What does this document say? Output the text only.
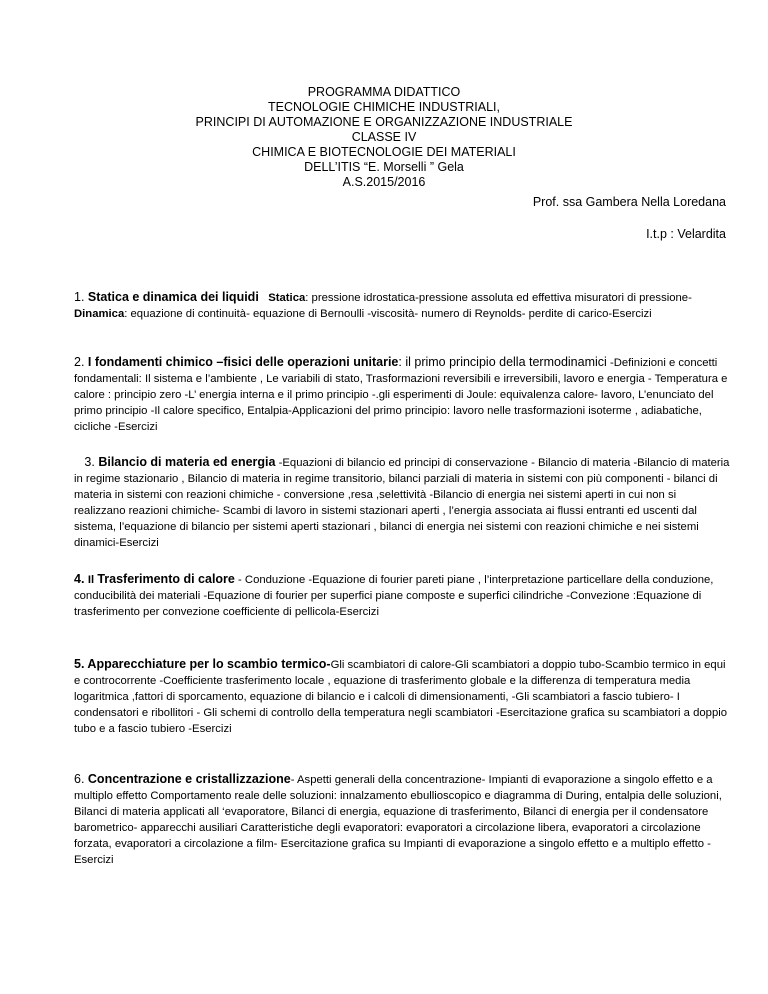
PROGRAMMA DIDATTICO
TECNOLOGIE CHIMICHE INDUSTRIALI,
PRINCIPI DI AUTOMAZIONE E ORGANIZZAZIONE INDUSTRIALE
CLASSE IV
CHIMICA E BIOTECNOLOGIE DEI MATERIALI
DELL’ITIS “E. Morselli ” Gela
A.S.2015/2016
Prof. ssa Gambera Nella Loredana
I.t.p : Velardita
1. Statica e dinamica dei liquidi Statica: pressione idrostatica-pressione assoluta ed effettiva misuratori di pressione-
Dinamica: equazione di continuità- equazione di Bernoulli -viscosità- numero di Reynolds- perdite di carico-Esercizi
2. I fondamenti chimico –fisici delle operazioni unitarie: il primo principio della termodinamici -Definizioni e concetti fondamentali: Il sistema e l’ambiente , Le variabili di stato, Trasformazioni reversibili e irreversibili, lavoro e energia - Temperatura e calore : principio zero -L’ energia interna e il primo principio -.gli esperimenti di Joule: equivalenza calore- lavoro, L’enunciato del primo principio -Il calore specifico, Entalpia-Applicazioni del primo principio: lavoro nelle trasformazioni isoterme , adiabatiche, cicliche -Esercizi
3. Bilancio di materia ed energia -Equazioni di bilancio ed principi di conservazione - Bilancio di materia -Bilancio di materia in regime stazionario , Bilancio di materia in regime transitorio, bilanci parziali di materia in sistemi con più componenti - bilanci di materia in sistemi con reazioni chimiche - conversione ,resa ,selettività -Bilancio di energia nei sistemi aperti in cui non si realizzano reazioni chimiche- Scambi di lavoro in sistemi stazionari aperti , l’energia associata ai flussi entranti ed uscenti dal sistema, l’equazione di bilancio per sistemi aperti stazionari , bilanci di energia nei sistemi con reazioni chimiche e nei sistemi dinamici-Esercizi
4. Il Trasferimento di calore - Conduzione -Equazione di fourier pareti piane , l’interpretazione particellare della conduzione, conducibilità dei materiali -Equazione di fourier per superfici piane composte e superfici cilindriche -Convezione :Equazione di trasferimento per convezione coefficiente di pellicola-Esercizi
5. Apparecchiature per lo scambio termico-Gli scambiatori di calore-Gli scambiatori a doppio tubo-Scambio termico in equi e controcorrente -Coefficiente trasferimento locale , equazione di trasferimento globale e la differenza di temperatura media logaritmica ,fattori di sporcamento, equazione di bilancio e i calcoli di dimensionamenti, -Gli scambiatori a fascio tubiero- I condensatori e ribollitori - Gli schemi di controllo della temperatura negli scambiatori -Esercitazione grafica su scambiatori a doppio tubo e a fascio tubiero -Esercizi
6. Concentrazione e cristallizzazione- Aspetti generali della concentrazione- Impianti di evaporazione a singolo effetto e a multiplo effetto Comportamento reale delle soluzioni: innalzamento ebullioscopico e diagramma di During, entalpia delle soluzioni, Bilanci di materia applicati all ‘evaporatore, Bilanci di energia, equazione di trasferimento, Bilanci di energia per il condensatore barometrico- apparecchi ausiliari Caratteristiche degli evaporatori: evaporatori a circolazione libera, evaporatori a circolazione forzata, evaporatori a circolazione a film- Esercitazione grafica su Impianti di evaporazione a singolo effetto e a multiplo effetto - Esercizi
